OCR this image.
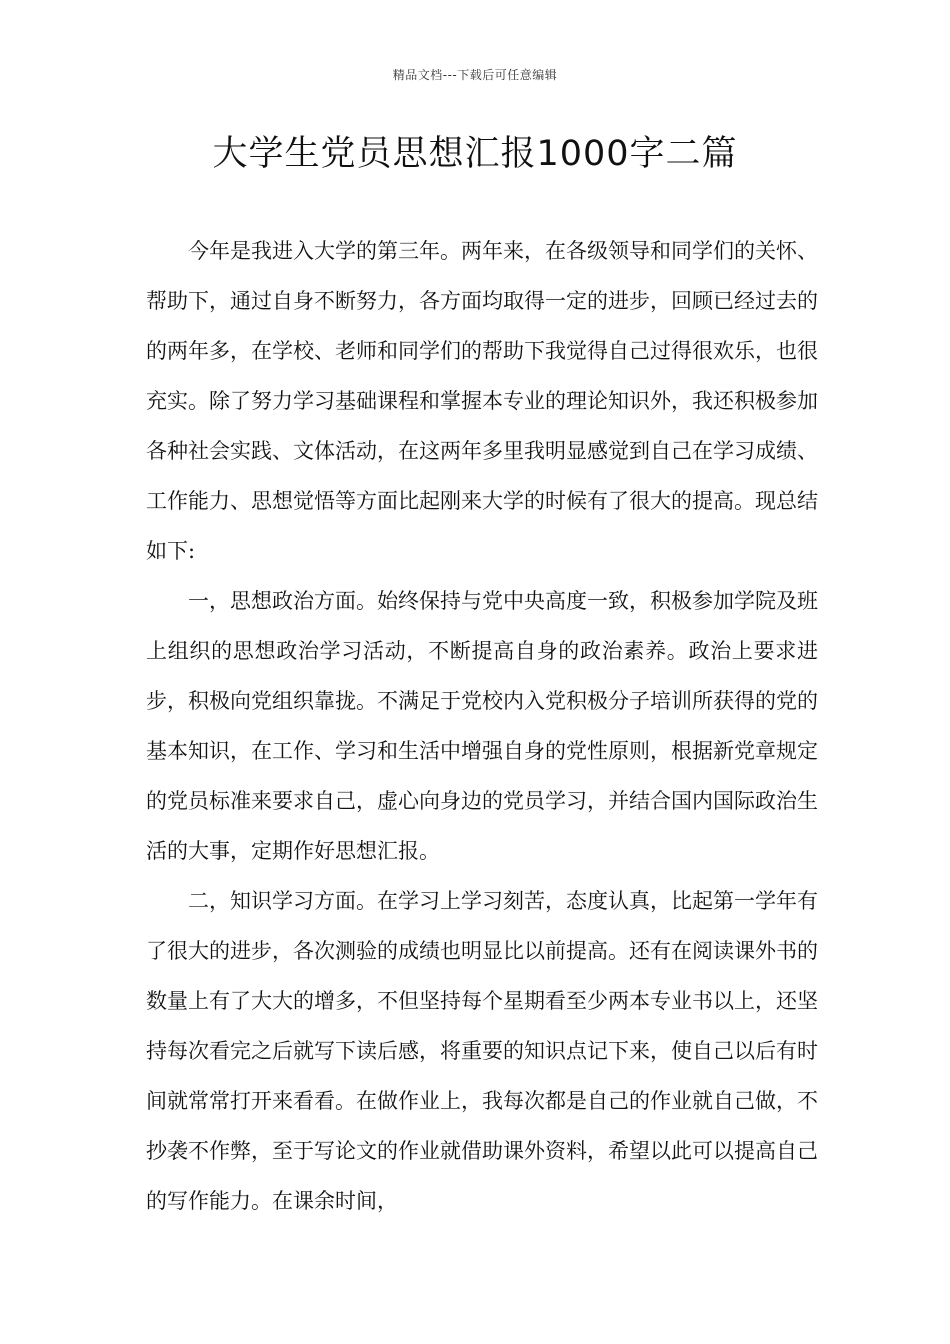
精品文档---下载后可任意编辑
大学生党员思想汇报1000字二篇

今年是我进入大学的第三年。两年来，在各级领导和同学们的关怀、帮助下，通过自身不断努力，各方面均取得一定的进步，回顾已经过去的的两年多，在学校、老师和同学们的帮助下我觉得自己过得很欢乐，也很充实。除了努力学习基础课程和掌握本专业的理论知识外，我还积极参加各种社会实践、文体活动，在这两年多里我明显感觉到自己在学习成绩、工作能力、思想觉悟等方面比起刚来大学的时候有了很大的提高。现总结如下:

一，思想政治方面。始终保持与党中央高度一致，积极参加学院及班上组织的思想政治学习活动，不断提高自身的政治素养。政治上要求进步，积极向党组织靠拢。不满足于党校内入党积极分子培训所获得的党的基本知识，在工作、学习和生活中增强自身的党性原则，根据新党章规定的党员标准来要求自己，虚心向身边的党员学习，并结合国内国际政治生活的大事，定期作好思想汇报。

二，知识学习方面。在学习上学习刻苦，态度认真，比起第一学年有了很大的进步，各次测验的成绩也明显比以前提高。还有在阅读课外书的数量上有了大大的增多，不但坚持每个星期看至少两本专业书以上，还坚持每次看完之后就写下读后感，将重要的知识点记下来，使自己以后有时间就常常打开来看看。在做作业上，我每次都是自己的作业就自己做，不抄袭不作弊，至于写论文的作业就借助课外资料，希望以此可以提高自己的写作能力。在课余时间，
